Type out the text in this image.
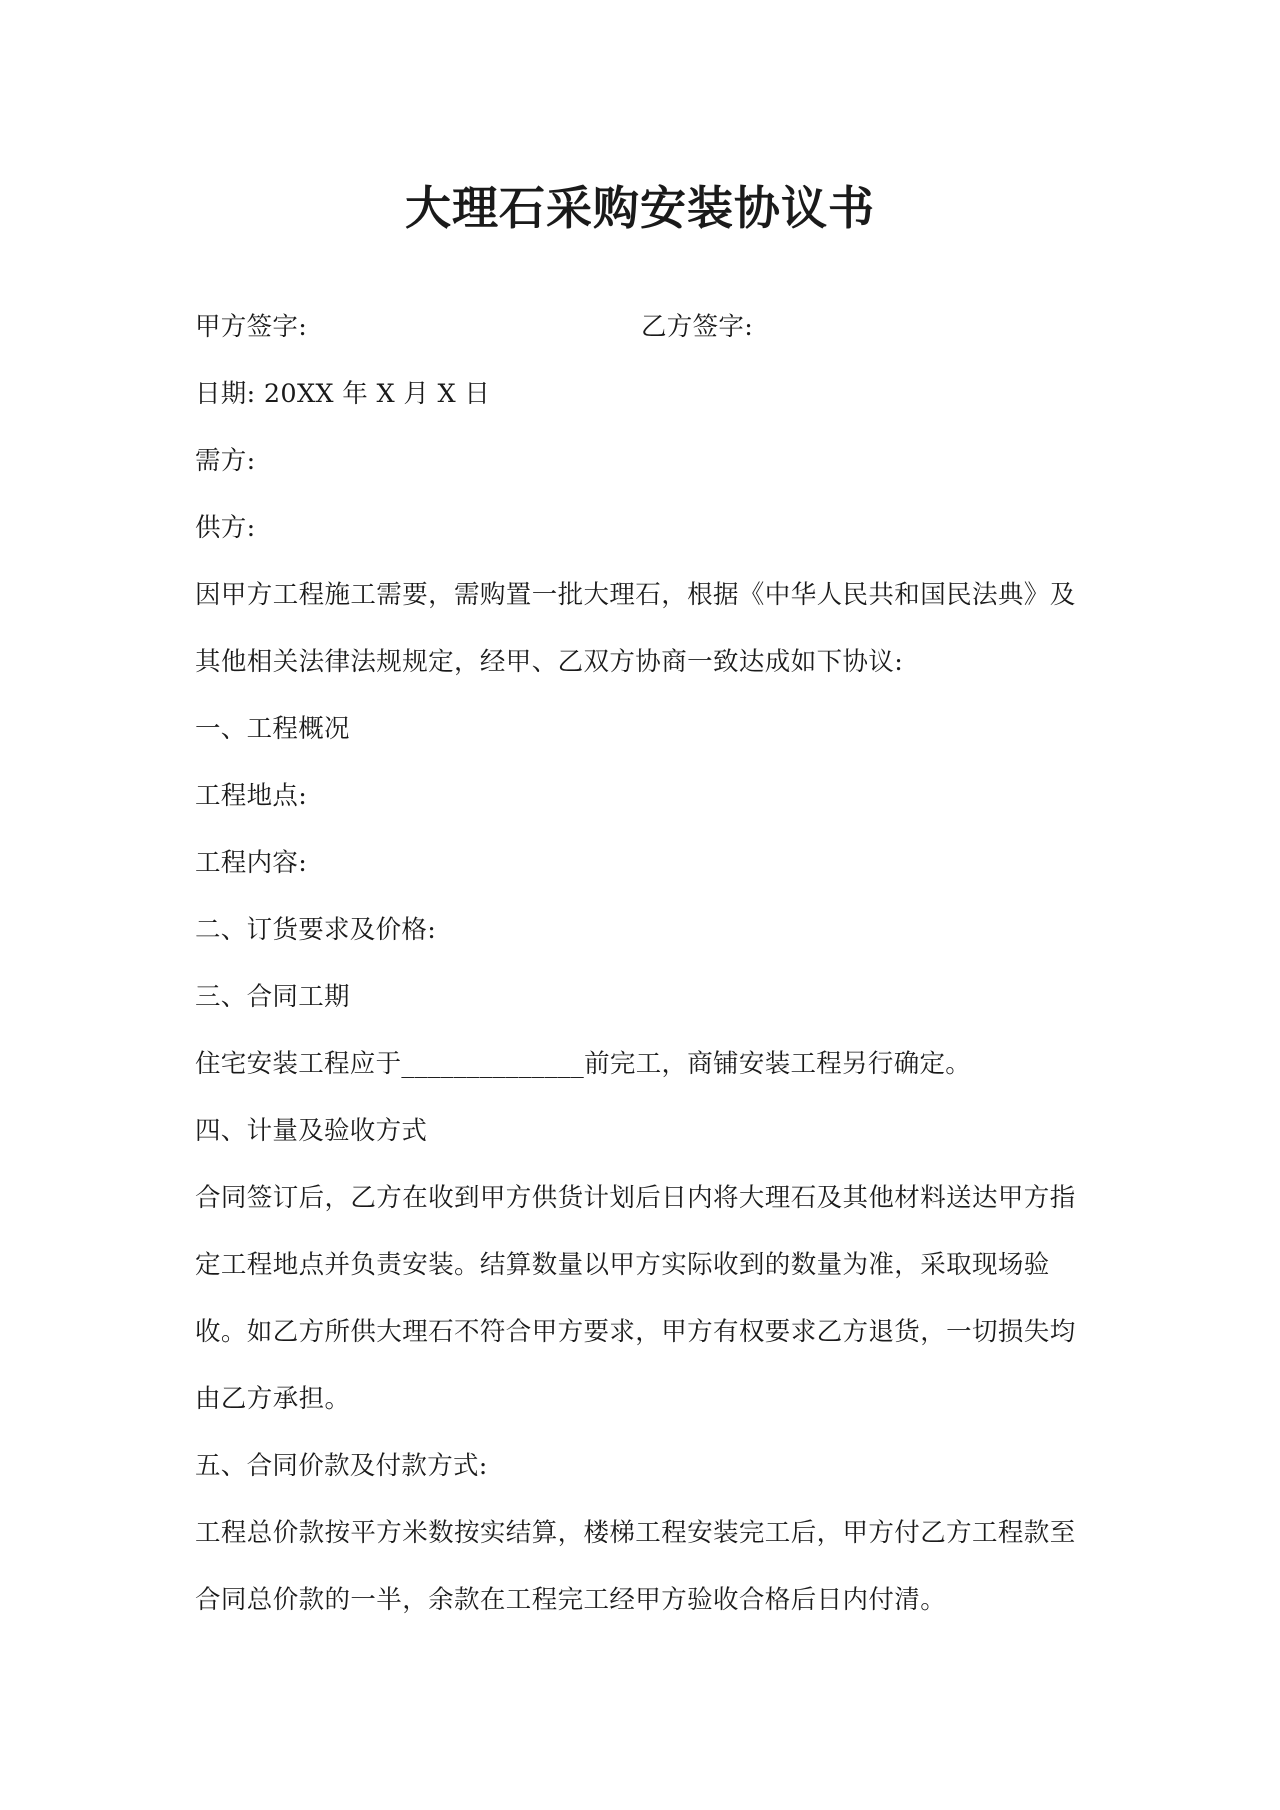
大理石采购安装协议书
甲方签字:	乙方签字:
日期: 20XX 年 X 月 X 日
需方:
供方:
因甲方工程施工需要，需购置一批大理石，根据《中华人民共和国民法典》及
其他相关法律法规规定，经甲、乙双方协商一致达成如下协议:
一、工程概况
工程地点:
工程内容:
二、订货要求及价格:
三、合同工期
住宅安装工程应于______________前完工，商铺安装工程另行确定。
四、计量及验收方式
合同签订后，乙方在收到甲方供货计划后日内将大理石及其他材料送达甲方指
定工程地点并负责安装。结算数量以甲方实际收到的数量为准，采取现场验
收。如乙方所供大理石不符合甲方要求，甲方有权要求乙方退货，一切损失均
由乙方承担。
五、合同价款及付款方式:
工程总价款按平方米数按实结算，楼梯工程安装完工后，甲方付乙方工程款至
合同总价款的一半，余款在工程完工经甲方验收合格后日内付清。
